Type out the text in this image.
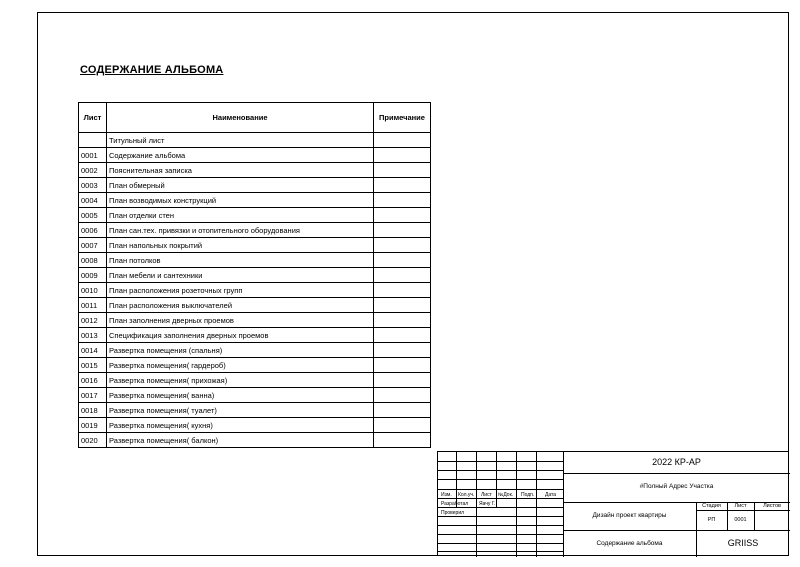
СОДЕРЖАНИЕ АЛЬБОМА
Лист	Наименование	Примечание
	Титульный лист	
0001	Содержание альбома	
0002	Пояснительная записка	
0003	План обмерный	
0004	План возводимых конструкций	
0005	План отделки стен	
0006	План сан.тех. привязки и отопительного оборудования	
0007	План напольных покрытий	
0008	План потолков	
0009	План мебели и сантехники	
0010	План расположения розеточных групп	
0011	План расположения выключателей	
0012	План заполнения дверных проемов	
0013	Спецификация заполнения дверных проемов	
0014	Развертка помещения (спальня)	
0015	Развертка помещения( гардероб)	
0016	Развертка помещения( прихожая)	
0017	Развертка помещения( ванна)	
0018	Развертка помещения( туалет)	
0019	Развертка помещения( кухня)	
0020	Развертка помещения( балкон)	
Изм. Кол.уч. Лист №Док. Подп. Дата
Разработал Яачу Г.
Проверил
2022 КР-АР
#Полный Адрес Участка
Дизайн проект квартиры
Стадия	Лист	Листов
РП	0001
Содержание альбома	GRIISS
